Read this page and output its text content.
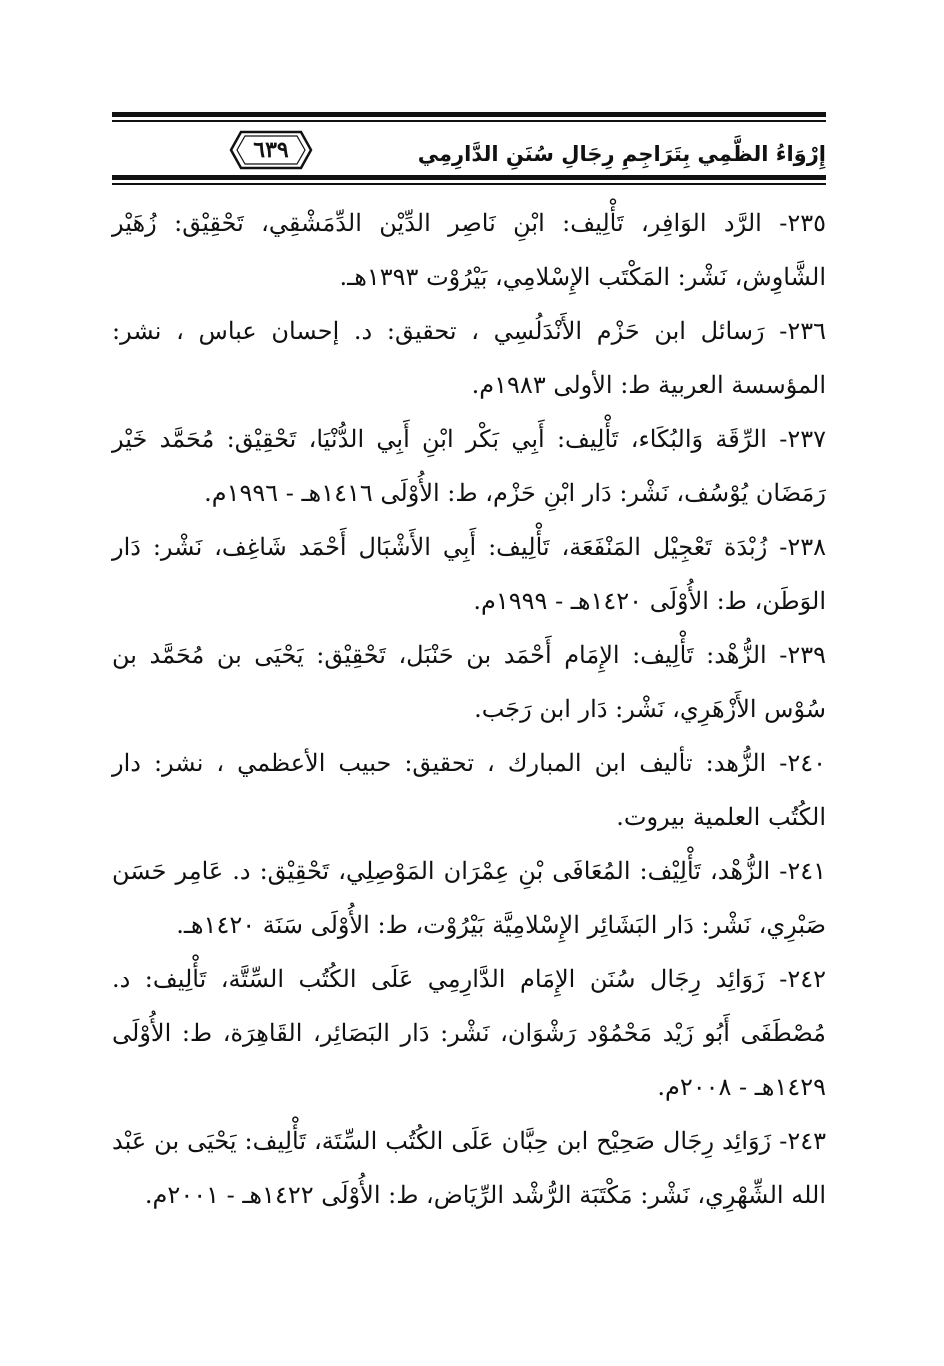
٦٣٩	إِرْوَاءُ الظَّمِي بِتَرَاجِمِ رِجَالِ سُنَنِ الدَّارِمِي

٢٣٥- الرَّد الوَافِر، تَأْلِيف: ابْنِ نَاصِر الدِّيْن الدِّمَشْقِي، تَحْقِيْق: زُهَيْر الشَّاوِش، نَشْر: المَكْتَب الإِسْلامِي، بَيْرُوْت ١٣٩٣هـ.

٢٣٦- رَسائل ابن حَزْم الأَنْدَلُسِي ، تحقيق: د. إحسان عباس ، نشر: المؤسسة العربية ط: الأولى ١٩٨٣م.

٢٣٧- الرِّقَة وَالبُكَاء، تَأْلِيف: أَبِي بَكْر ابْنِ أَبِي الدُّنْيَا، تَحْقِيْق: مُحَمَّد خَيْر رَمَضَان يُوْسُف، نَشْر: دَار ابْنِ حَزْم، ط: الأُوْلَى ١٤١٦هـ - ١٩٩٦م.

٢٣٨- زُبْدَة تَعْجِيْل المَنْفَعَة، تَأْلِيف: أَبِي الأَشْبَال أَحْمَد شَاغِف، نَشْر: دَار الوَطَن، ط: الأُوْلَى ١٤٢٠هـ - ١٩٩٩م.

٢٣٩- الزُّهْد: تَأْلِيف: الإِمَام أَحْمَد بن حَنْبَل، تَحْقِيْق: يَحْيَى بن مُحَمَّد بن سُوْس الأَزْهَرِي، نَشْر: دَار ابن رَجَب.

٢٤٠- الزُّهد: تأليف ابن المبارك ، تحقيق: حبيب الأعظمي ، نشر: دار الكُتُب العلمية بيروت.

٢٤١- الزُّهْد، تَأْلِيْف: المُعَافَى بْنِ عِمْرَان المَوْصِلِي، تَحْقِيْق: د. عَامِر حَسَن صَبْرِي، نَشْر: دَار البَشَائِر الإِسْلامِيَّة بَيْرُوْت، ط: الأُوْلَى سَنَة ١٤٢٠هـ.

٢٤٢- زَوَائِد رِجَال سُنَن الإِمَام الدَّارِمِي عَلَى الكُتُب السِّتَّة، تَأْلِيف: د. مُصْطَفَى أَبُو زَيْد مَحْمُوْد رَشْوَان، نَشْر: دَار البَصَائِر، القَاهِرَة، ط: الأُوْلَى ١٤٢٩هـ - ٢٠٠٨م.

٢٤٣- زَوَائِد رِجَال صَحِيْح ابن حِبَّان عَلَى الكُتُب السِّتَة، تَأْلِيف: يَحْيَى بن عَبْد الله الشِّهْرِي، نَشْر: مَكْتَبَة الرُّشْد الرِّيَاض، ط: الأُوْلَى ١٤٢٢هـ - ٢٠٠١م.
